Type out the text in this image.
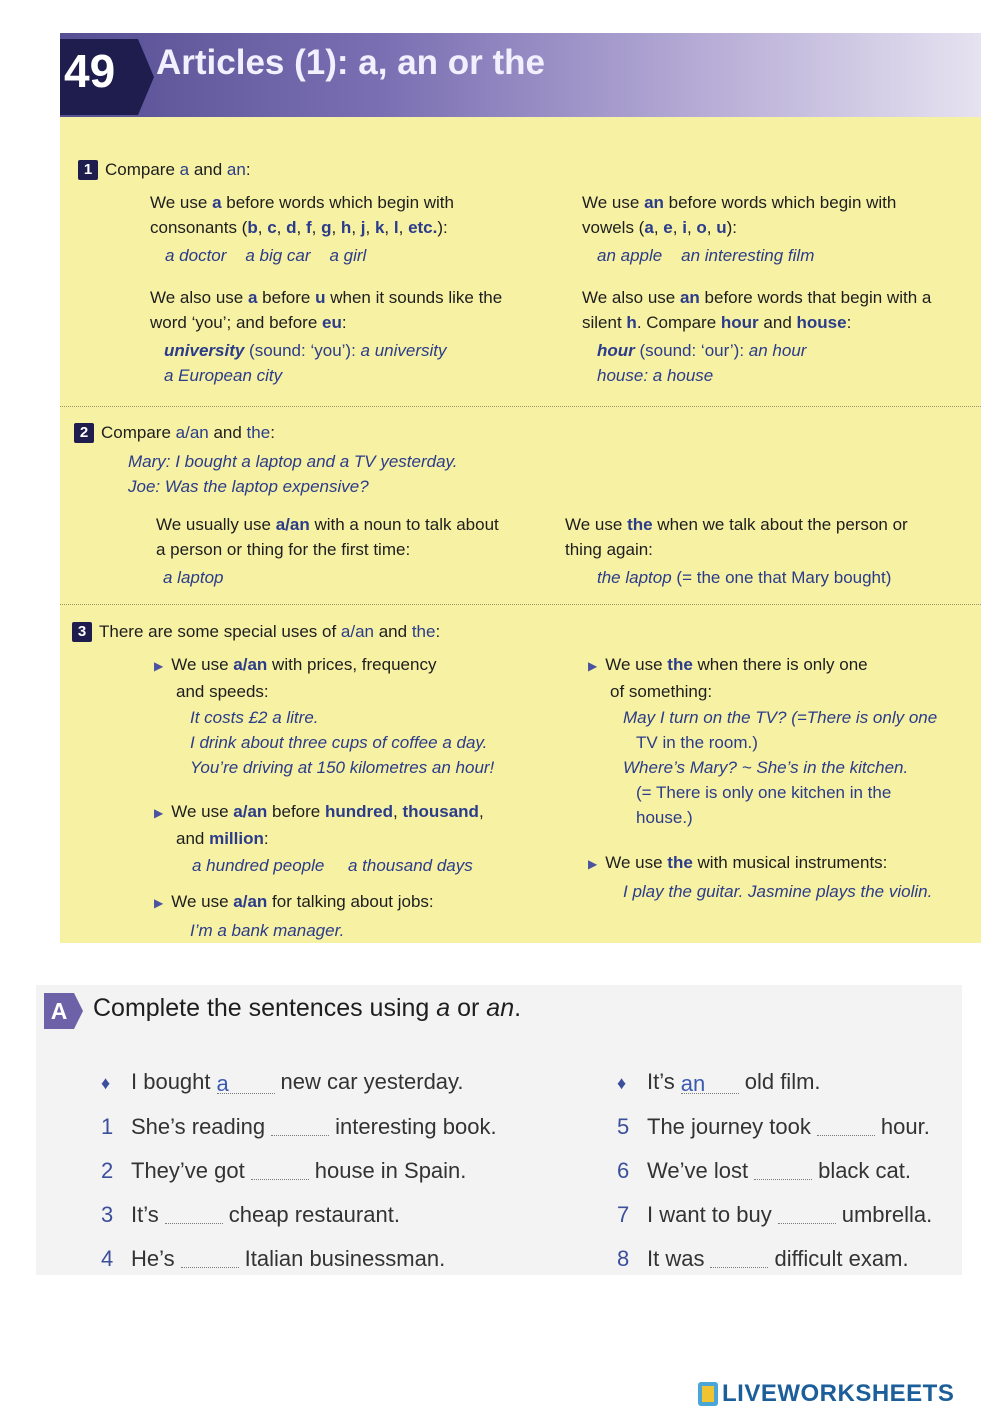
49	Articles (1): a, an or the
1 Compare a and an:
We use a before words which begin with
consonants (b, c, d, f, g, h, j, k, l, etc.):
a doctor a big car a girl
We use an before words which begin with
vowels (a, e, i, o, u):
an apple an interesting film
We also use a before u when it sounds like the
word ‘you’; and before eu:
university (sound: ‘you’): a university
a European city
We also use an before words that begin with a
silent h. Compare hour and house:
hour (sound: ‘our’): an hour
house: a house
2 Compare a/an and the:
Mary: I bought a laptop and a TV yesterday.
Joe: Was the laptop expensive?
We usually use a/an with a noun to talk about
a person or thing for the first time:
a laptop
We use the when we talk about the person or
thing again:
the laptop (= the one that Mary bought)
3 There are some special uses of a/an and the:
▶ We use a/an with prices, frequency
and speeds:
It costs £2 a litre.
I drink about three cups of coffee a day.
You’re driving at 150 kilometres an hour!
▶ We use a/an before hundred, thousand,
and million:
a hundred people a thousand days
▶ We use a/an for talking about jobs:
I’m a bank manager.
▶ We use the when there is only one
of something:
May I turn on the TV? (=There is only one
TV in the room.)
Where’s Mary? ~ She’s in the kitchen.
(= There is only one kitchen in the
house.)
▶ We use the with musical instruments:
I play the guitar. Jasmine plays the violin.
A Complete the sentences using a or an.
♦ I bought a new car yesterday.
1 She’s reading	interesting book.
2 They’ve got	house in Spain.
3 It’s	cheap restaurant.
4 He’s	Italian businessman.
♦ It’s an old film.
5 The journey took	hour.
6 We’ve lost	black cat.
7 I want to buy	umbrella.
8 It was	difficult exam.
LIVEWORKSHEETS
